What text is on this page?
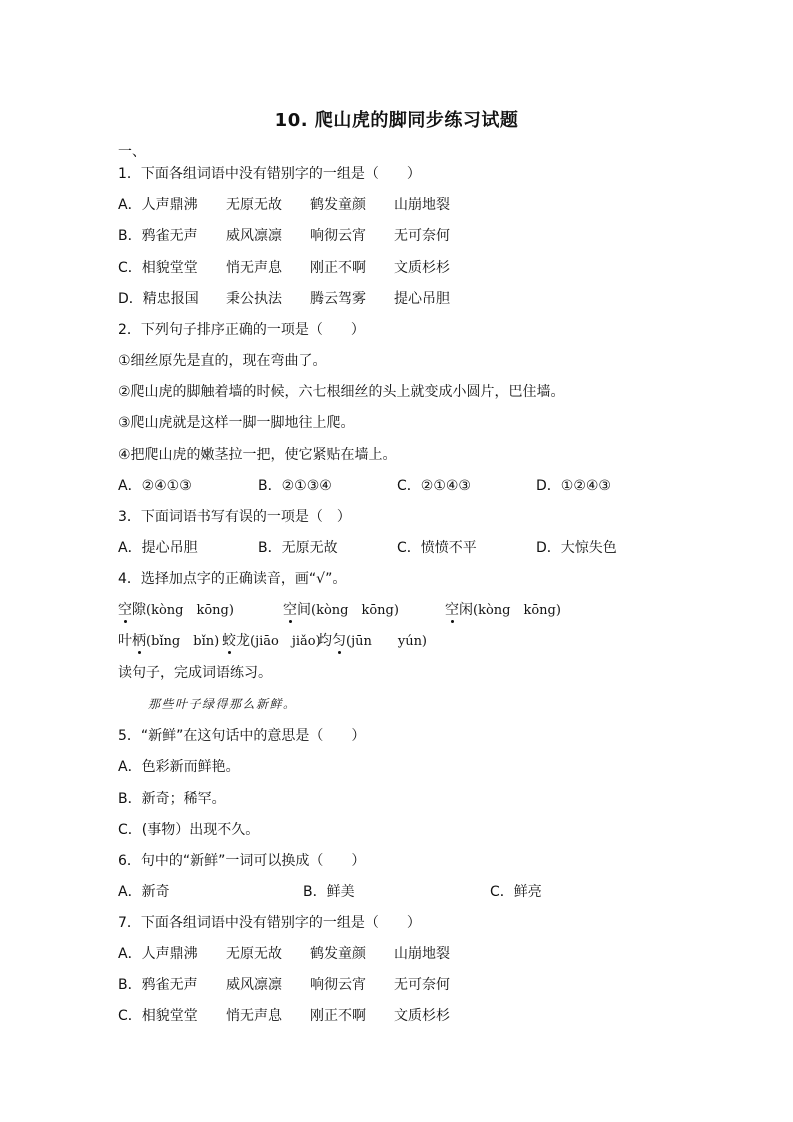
10. 爬山虎的脚同步练习试题
一、
1．下面各组词语中没有错别字的一组是（　　）
A．人声鼎沸 无原无故 鹤发童颜 山崩地裂
B．鸦雀无声 威风凛凛 响彻云宵 无可奈何
C．相貌堂堂 悄无声息 刚正不啊 文质杉杉
D．精忠报国 秉公执法 腾云驾雾 提心吊胆
2．下列句子排序正确的一项是（　　）
①细丝原先是直的，现在弯曲了。
②爬山虎的脚触着墙的时候，六七根细丝的头上就变成小圆片，巴住墙。
③爬山虎就是这样一脚一脚地往上爬。
④把爬山虎的嫩茎拉一把，使它紧贴在墙上。
A．②④①③	B．②①③④	C．②①④③	D．①②④③
3．下面词语书写有误的一项是（　）
A．提心吊胆	B．无原无故	C．愤愤不平	D．大惊失色
4．选择加点字的正确读音，画“√”。
空隙(kòng　kōng)	空间(kòng　kōng)	空闲(kòng　kōng)
叶柄(bǐng　bǐn) 蛟龙(jiāo　jiǎo)
均匀(jūn　　yún)
读句子，完成词语练习。
那些叶子绿得那么新鲜。
5．“新鲜”在这句话中的意思是（　　）
A．色彩新而鲜艳。
B．新奇；稀罕。
C．(事物）出现不久。
6．句中的“新鲜”一词可以换成（　　）
A．新奇	B．鲜美	C．鲜亮
7．下面各组词语中没有错别字的一组是（　　）
A．人声鼎沸 无原无故 鹤发童颜 山崩地裂
B．鸦雀无声 威风凛凛 响彻云宵 无可奈何
C．相貌堂堂 悄无声息 刚正不啊 文质杉杉
